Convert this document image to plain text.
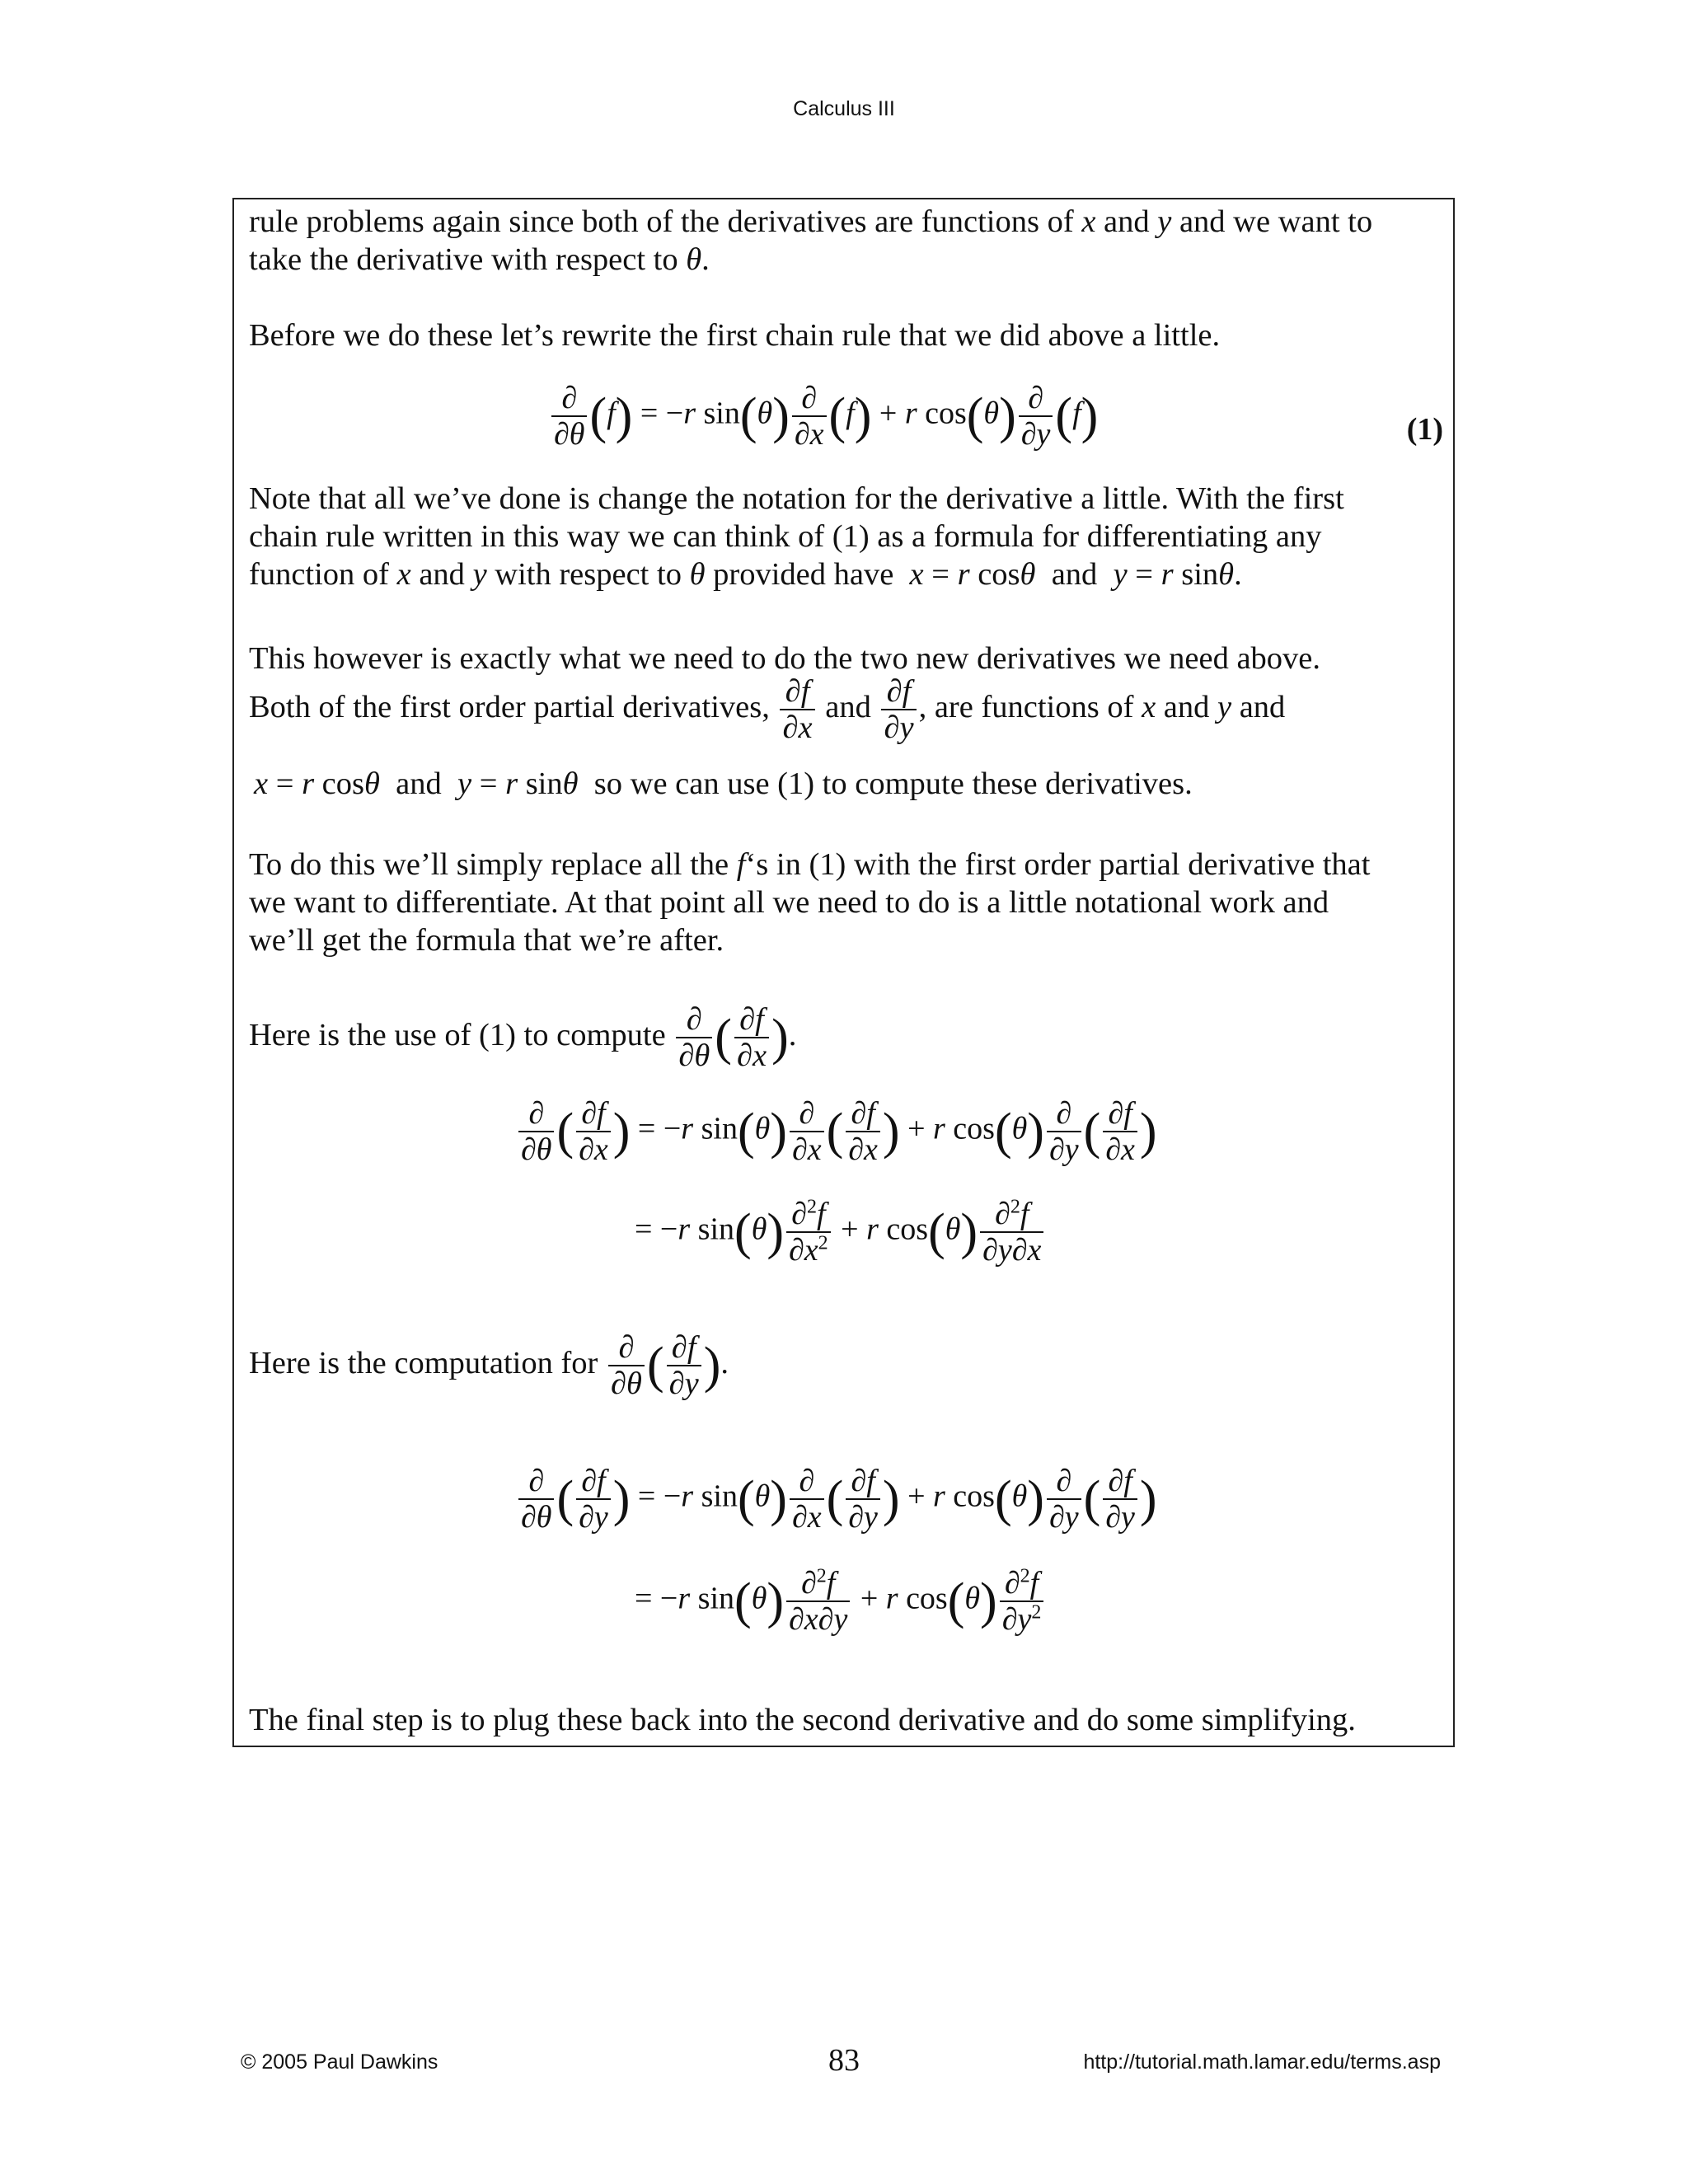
Calculus III
rule problems again since both of the derivatives are functions of x and y and we want to
take the derivative with respect to θ.
Before we do these let’s rewrite the first chain rule that we did above a little.
$\frac{\partial}{\partial\theta} (f) = -r$ $\sin(\theta) \frac{\partial}{\partial x} (f) + r$ $\cos(\theta) \frac{\partial}{\partial y} (f)$	(1)
Note that all we’ve done is change the notation for the derivative a little. With the first
chain rule written in this way we can think of (1) as a formula for differentiating any
function of x and y with respect to θ provided have x = r cosθ and y = r sinθ.
This however is exactly what we need to do the two new derivatives we need above.
Both of the first order partial derivatives, $\frac{\partial f}{\partial x}$ and $\frac{\partial f}{\partial y}$ , are functions of x and y and
x = r cosθ and y = r sinθ so we can use (1) to compute these derivatives.
To do this we’ll simply replace all the f‘s in (1) with the first order partial derivative that
we want to differentiate. At that point all we need to do is a little notational work and
we’ll get the formula that we’re after.
Here is the use of (1) to compute $\frac{\partial}{\partial\theta}$ ( $\frac{\partial f}{\partial x}$ ).
$\frac{\partial}{\partial\theta}$ ( $\frac{\partial f}{\partial x}$ ) = −r $\sin(\theta) \frac{\partial}{\partial x}$ ( $\frac{\partial f}{\partial x}$ ) + r $\cos(\theta) \frac{\partial}{\partial y}$ ( $\frac{\partial f}{\partial x}$ )
= −r $\sin(\theta) \frac{\partial^2f}{\partial x^2} + r$ $\cos(\theta) \frac{\partial^2f}{\partial y\partial x}$
Here is the computation for $\frac{\partial}{\partial\theta}$ ( $\frac{\partial f}{\partial y}$ ).
$\frac{\partial}{\partial\theta}$ ( $\frac{\partial f}{\partial y}$ ) = −r $\sin(\theta) \frac{\partial}{\partial x}$ ( $\frac{\partial f}{\partial y}$ ) + r $\cos(\theta) \frac{\partial}{\partial y}$ ( $\frac{\partial f}{\partial y}$ )
= −r $\sin(\theta) \frac{\partial^2f}{\partial x\partial y} + r$ $\cos(\theta) \frac{\partial^2f}{\partial y^2}$
The final step is to plug these back into the second derivative and do some simplifying.
© 2005 Paul Dawkins	83	http://tutorial.math.lamar.edu/terms.asp
